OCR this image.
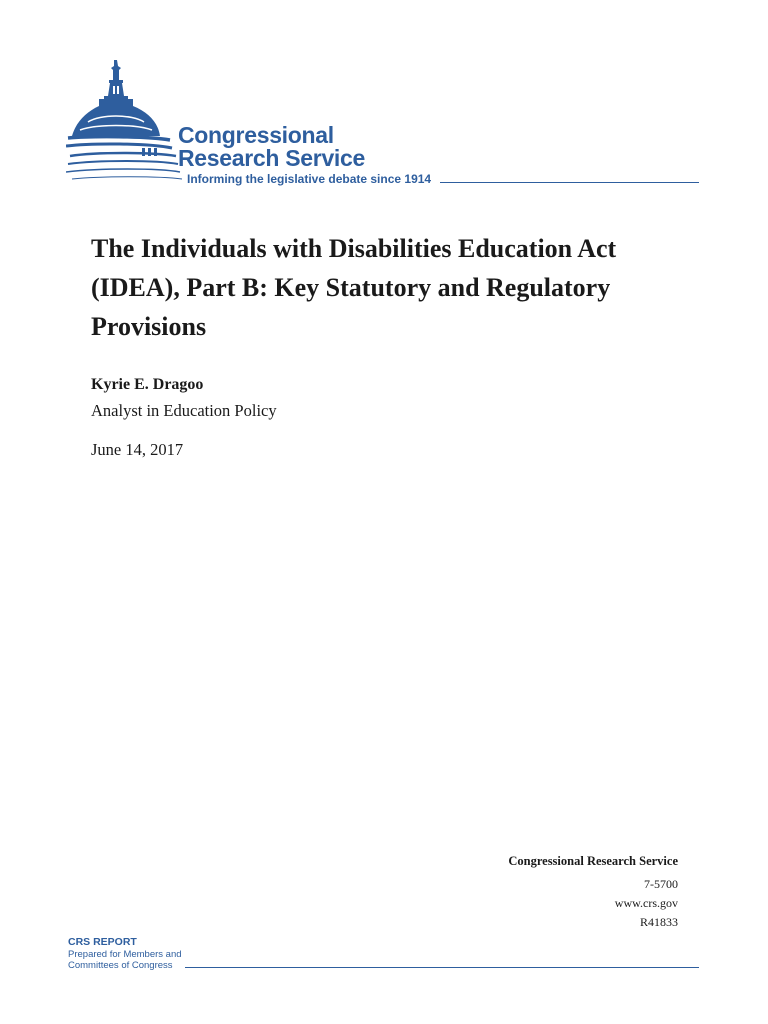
Congressional
Research Service
Informing the legislative debate since 1914
The Individuals with Disabilities Education Act (IDEA), Part B: Key Statutory and Regulatory Provisions
Kyrie E. Dragoo
Analyst in Education Policy
June 14, 2017
Congressional Research Service
7-5700
www.crs.gov
R41833
CRS REPORT
Prepared for Members and
Committees of Congress
